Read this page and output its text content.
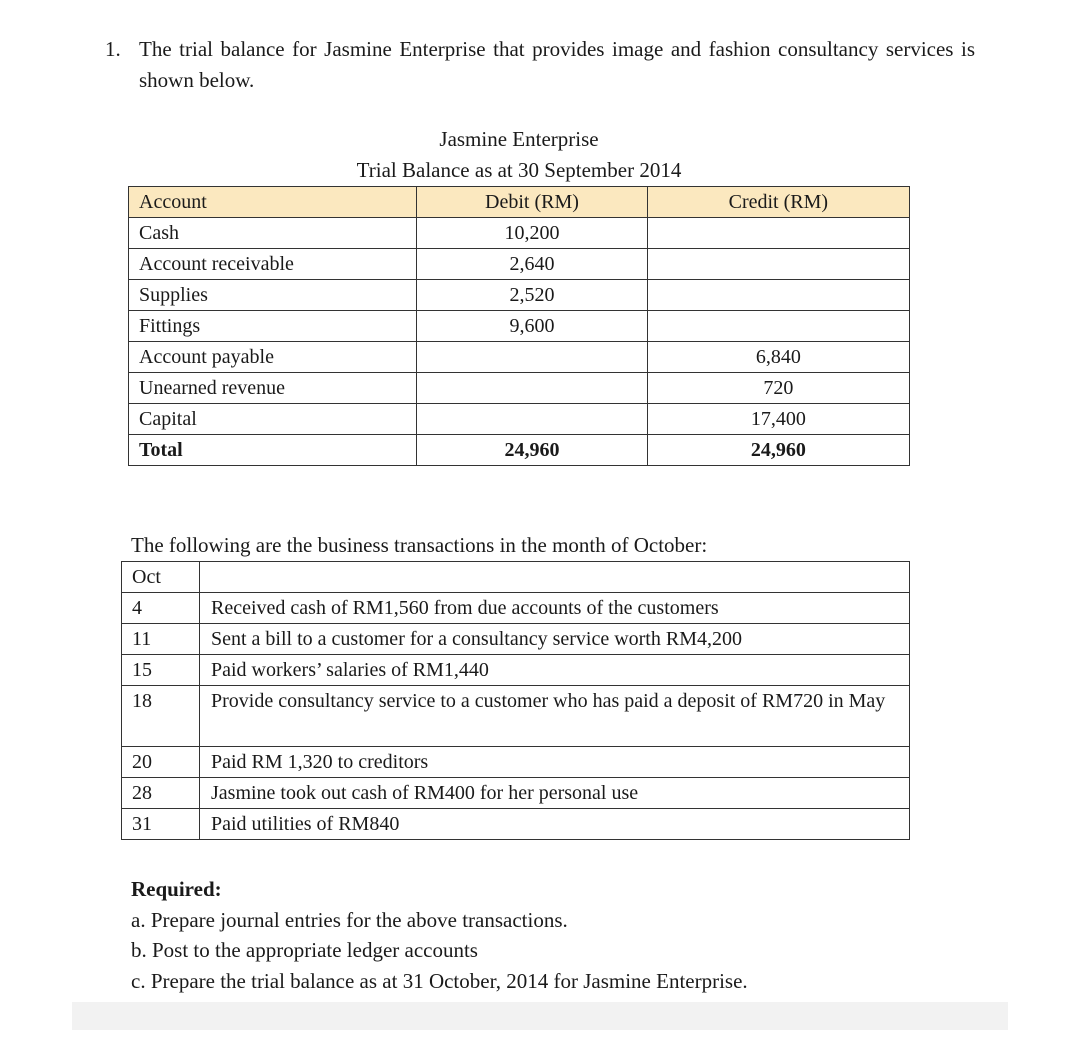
1. The trial balance for Jasmine Enterprise that provides image and fashion consultancy services is shown below.
Jasmine Enterprise
Trial Balance as at 30 September 2014
Account	Debit (RM)	Credit (RM)
Cash	10,200	
Account receivable	2,640	
Supplies	2,520	
Fittings	9,600	
Account payable		6,840
Unearned revenue		720
Capital		17,400
Total	24,960	24,960
The following are the business transactions in the month of October:
Oct	
4	Received cash of RM1,560 from due accounts of the customers
11	Sent a bill to a customer for a consultancy service worth RM4,200
15	Paid workers’ salaries of RM1,440
18	Provide consultancy service to a customer who has paid a deposit of RM720 in May
20	Paid RM 1,320 to creditors
28	Jasmine took out cash of RM400 for her personal use
31	Paid utilities of RM840
Required:
a. Prepare journal entries for the above transactions.
b. Post to the appropriate ledger accounts
c. Prepare the trial balance as at 31 October, 2014 for Jasmine Enterprise.
